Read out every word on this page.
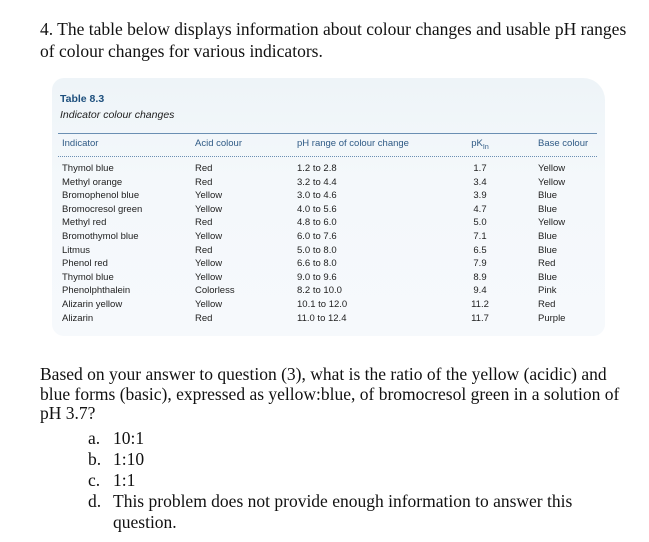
4. The table below displays information about colour changes and usable pH ranges of colour changes for various indicators.
Table 8.3
Indicator colour changes
Indicator	Acid colour	pH range of colour change	$pK_{In}$	Base colour
Thymol blue	Red	1.2 to 2.8	1.7	Yellow
Methyl orange	Red	3.2 to 4.4	3.4	Yellow
Bromophenol blue	Yellow	3.0 to 4.6	3.9	Blue
Bromocresol green	Yellow	4.0 to 5.6	4.7	Blue
Methyl red	Red	4.8 to 6.0	5.0	Yellow
Bromothymol blue	Yellow	6.0 to 7.6	7.1	Blue
Litmus	Red	5.0 to 8.0	6.5	Blue
Phenol red	Yellow	6.6 to 8.0	7.9	Red
Thymol blue	Yellow	9.0 to 9.6	8.9	Blue
Phenolphthalein	Colorless	8.2 to 10.0	9.4	Pink
Alizarin yellow	Yellow	10.1 to 12.0	11.2	Red
Alizarin	Red	11.0 to 12.4	11.7	Purple
Based on your answer to question (3), what is the ratio of the yellow (acidic) and blue forms (basic), expressed as yellow:blue, of bromocresol green in a solution of pH 3.7?
a. 10:1
b. 1:10
c. 1:1
d. This problem does not provide enough information to answer this question.
